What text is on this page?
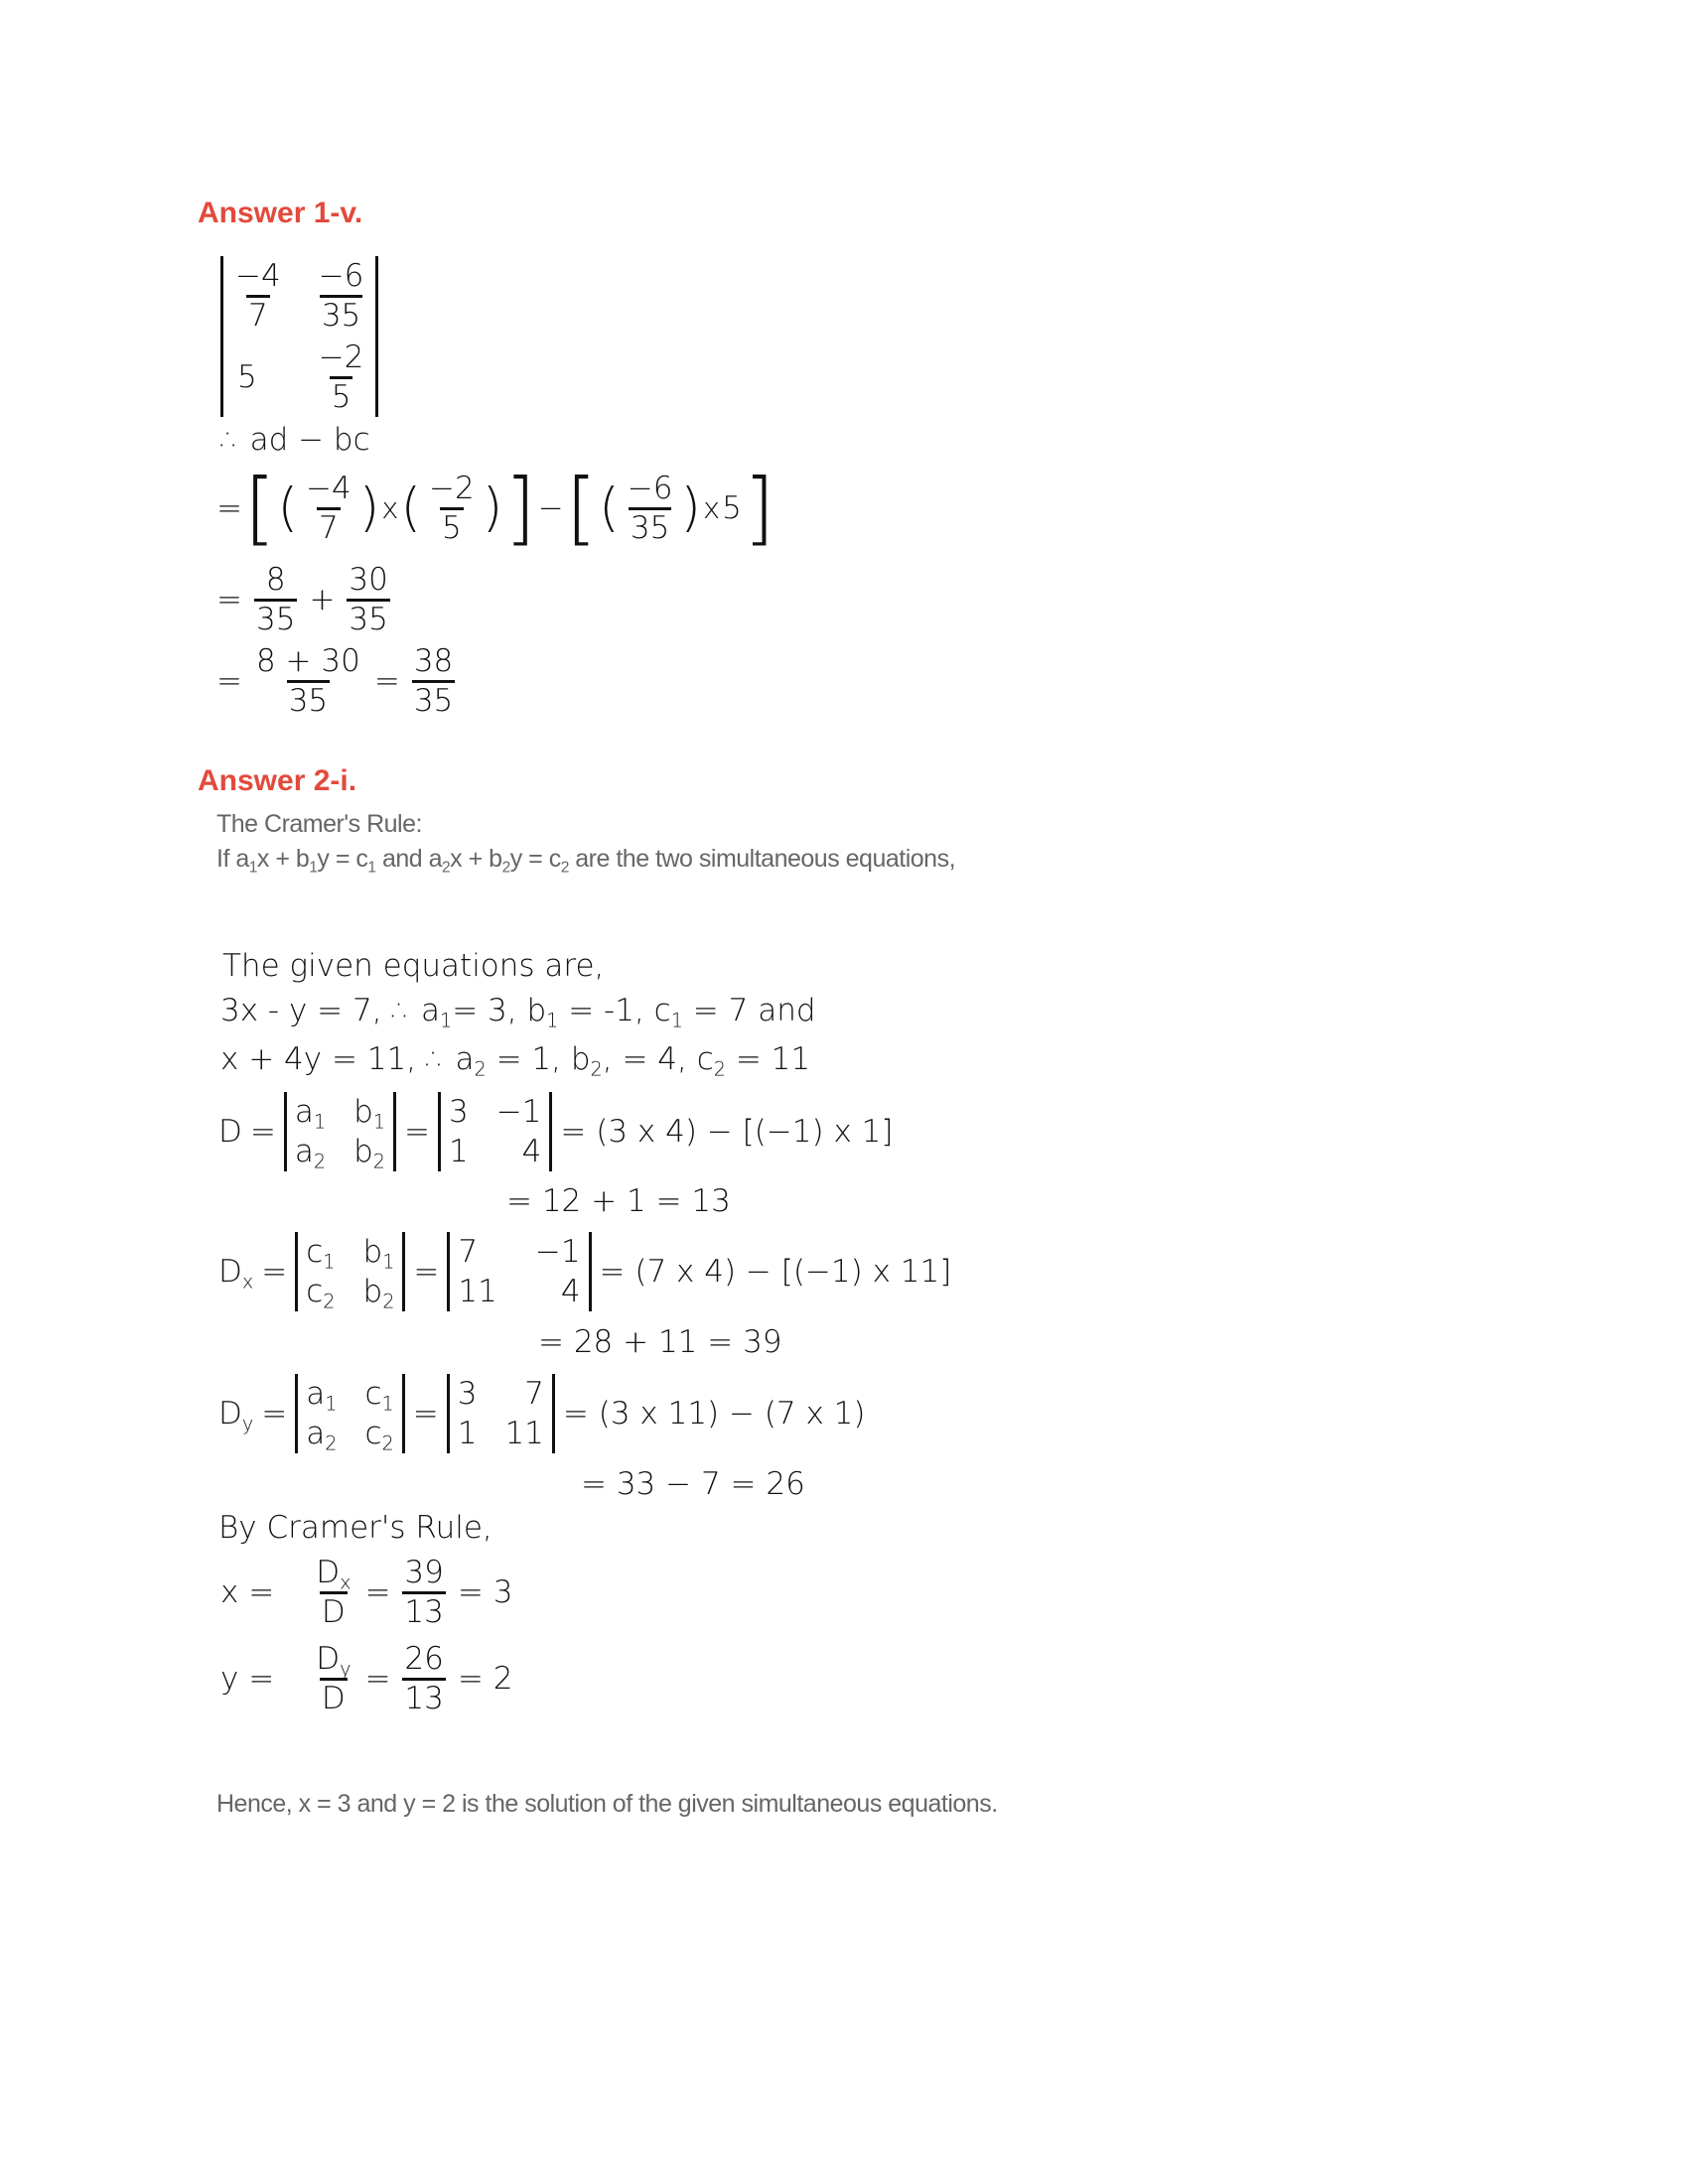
Answer 1-v.
$\frac{-4}{7} \frac{-6}{35}$
5	$\frac{-2}{5}$
∴ ad − bc
= [ ( $\frac{-4}{7}$ ) x ( $\frac{-2}{5}$ ) ] − [ ( $\frac{-6}{35}$ ) x 5 ]
= $\frac{8}{35} + \frac{30}{35}$
= $\frac{8 + 30}{35} = \frac{38}{35}$
Answer 2-i.
The Cramer's Rule:
If $a_1x + b_1y = c_1$ and $a_2x + b_2y = c_2$ are the two simultaneous equations,
The given equations are,
3x - y = 7, ∴ $a_1= 3$, $b_1 = -1$, $c_1 = 7$ and
x + 4y = 11, ∴ $a_2 = 1$, $b_2$, = 4, $c_2 = 11$
D =
$a_1$ $b_1$
$a_2$ $b_2$
=
3 −1
1	4
= (3 x 4) − [(−1) x 1]
= 12 + 1 = 13
$D_x$ =
$c_1$ $b_1$
$c_2$ $b_2$
=
7	−1
11	4
= (7 x 4) − [(−1) x 11]
= 28 + 11 = 39
$D_y$ =
$a_1$ $c_1$
$a_2$ $c_2$
=
3	7
1 11
= (3 x 11) − (7 x 1)
= 33 − 7 = 26
By Cramer's Rule,
$x = \frac{D_x}{D} = \frac{39}{13} = 3$
$y = \frac{D_y}{D} = \frac{26}{13} = 2$
Hence, x = 3 and y = 2 is the solution of the given simultaneous equations.
